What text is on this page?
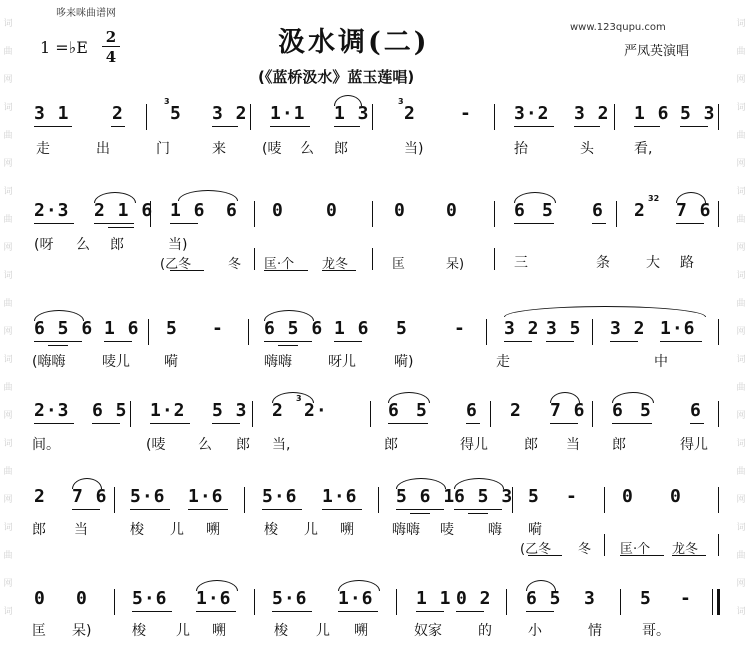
哆来咪曲谱网
www.123qupu.com
汲水调(二)
1 =♭E $\frac{2}{4}$	严凤英演唱
(《蓝桥汲水》蓝玉莲唱)
词
曲
网
词
曲
网
词
曲
网
词
曲
网
词
曲
网
词
曲
网
词
曲
网
词
词
曲
网
词
曲
网
词
曲
网
词
曲
网
词
曲
网
词
曲
网
词
曲
网
词
3 1 2
3
5 3 2 1·1 1 3
3
2 - 3·2 3 2 1 6 5 3
走	出	门	来	(唛 么 郎	当)	抬	头	看,
2·3 2 1 6 1 6 6 0 0	0 0	6 5 6 2
32
7 6
(呀 么 郎	当)
三	条	大 路
(乙冬	冬 匡·个 龙冬	匡	呆)
6 5 6 1 6 5 - 6 5 6 1 6 5	- 3 2 3 5 3 2 1·6
(嗨嗨	唛儿 嗬	嗨嗨	呀儿	嗬)	走	中
2·3 6 5 1·2 5 3 2
3
2·	6 5 6 2 7 6 6 5 6
间。	(唛 么 郎 当,	郎	得儿	郎 当 郎	得儿
2 7 6 5·6 1·6 5·6 1·6 5 6 1
6 5 3 5 - 0 0
郎 当	梭 儿 嗍	梭 儿 嗍	嗨嗨 唛 嗨 嗬
(乙冬 冬 匡·个 龙冬
0 0 5·6 1·6 5·6 1·6 1 1 0 2 6 5 3 5 -
匡 呆)	梭 儿 嗍	梭 儿 嗍	奴家	的	小	情	哥。
